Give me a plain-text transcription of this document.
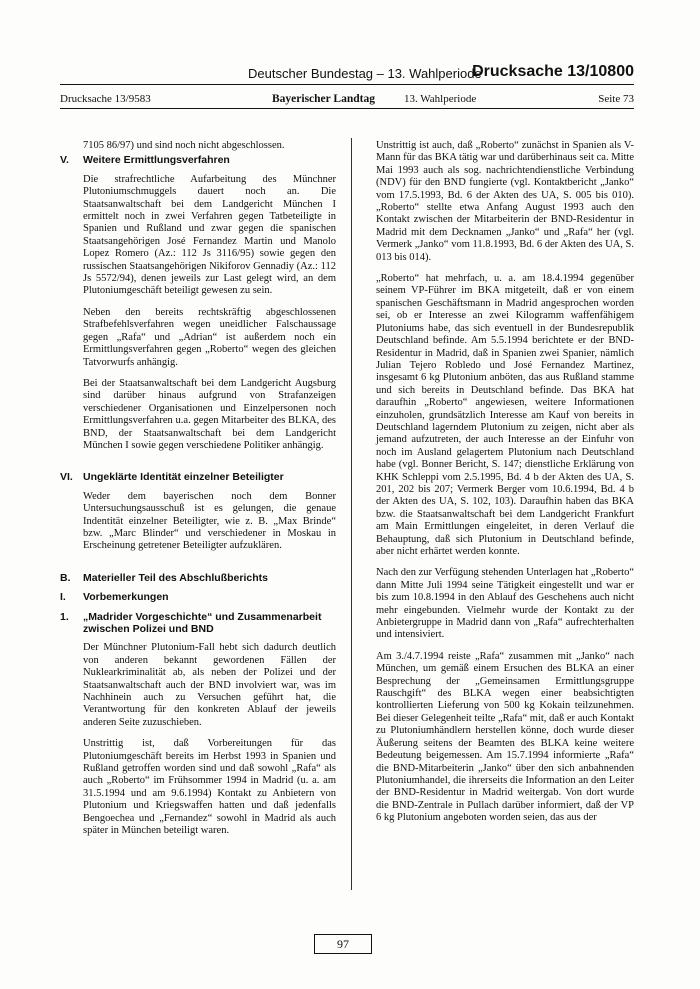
Deutscher Bundestag – 13. Wahlperiode
Drucksache 13/10800
Drucksache 13/9583	Bayerischer Landtag	13. Wahlperiode	Seite 73

7105 86/97) und sind noch nicht abgeschlossen.

V.	Weitere Ermittlungsverfahren

Die strafrechtliche Aufarbeitung des Münchner Plutoniumschmuggels dauert noch an. Die Staatsanwaltschaft bei dem Landgericht München I ermittelt noch in zwei Verfahren gegen Tatbeteiligte in Spanien und Rußland und zwar gegen die spanischen Staatsangehörigen José Fernandez Martin und Manolo Lopez Romero (Az.: 112 Js 3116/95) sowie gegen den russischen Staatsangehörigen Nikiforov Gennadiy (Az.: 112 Js 5572/94), denen jeweils zur Last gelegt wird, an dem Plutoniumgeschäft beteiligt gewesen zu sein.

Neben den bereits rechtskräftig abgeschlossenen Strafbefehlsverfahren wegen uneidlicher Falschaussage gegen „Rafa“ und „Adrian“ ist außerdem noch ein Ermittlungsverfahren gegen „Roberto“ wegen des gleichen Tatvorwurfs anhängig.

Bei der Staatsanwaltschaft bei dem Landgericht Augsburg sind darüber hinaus aufgrund von Strafanzeigen verschiedener Organisationen und Einzelpersonen noch Ermittlungsverfahren u.a. gegen Mitarbeiter des BLKA, des BND, der Staatsanwaltschaft bei dem Landgericht München I sowie gegen verschiedene Politiker anhängig.

VI. Ungeklärte Identität einzelner Beteiligter

Weder dem bayerischen noch dem Bonner Untersuchungsausschuß ist es gelungen, die genaue Indentität einzelner Beteiligter, wie z. B. „Max Brinde“ bzw. „Marc Blinder“ und verschiedener in Moskau in Erscheinung getretener Beteiligter aufzuklären.

B.	Materieller Teil des Abschlußberichts
I.	Vorbemerkungen
1.	„Madrider Vorgeschichte“ und Zusammenarbeit zwischen Polizei und BND

Der Münchner Plutonium-Fall hebt sich dadurch deutlich von anderen bekannt gewordenen Fällen der Nuklearkriminalität ab, als neben der Polizei und der Staatsanwaltschaft auch der BND involviert war, was im Nachhinein auch zu Versuchen geführt hat, die Verantwortung für den konkreten Ablauf der jeweils anderen Seite zuzuschieben.

Unstrittig ist, daß Vorbereitungen für das Plutoniumgeschäft bereits im Herbst 1993 in Spanien und Rußland getroffen worden sind und daß sowohl „Rafa“ als auch „Roberto“ im Frühsommer 1994 in Madrid (u. a. am 31.5.1994 und am 9.6.1994) Kontakt zu Anbietern von Plutonium und Kriegswaffen hatten und daß jedenfalls Bengoechea und „Fernandez“ sowohl in Madrid als auch später in München beteiligt waren.

Unstrittig ist auch, daß „Roberto“ zunächst in Spanien als V-Mann für das BKA tätig war und darüberhinaus seit ca. Mitte Mai 1993 auch als sog. nachrichtendienstliche Verbindung (NDV) für den BND fungierte (vgl. Kontaktbericht „Janko“ vom 17.5.1993, Bd. 6 der Akten des UA, S. 005 bis 010). „Roberto“ stellte etwa Anfang August 1993 auch den Kontakt zwischen der Mitarbeiterin der BND-Residentur in Madrid mit dem Decknamen „Janko“ und „Rafa“ her (vgl. Vermerk „Janko“ vom 11.8.1993, Bd. 6 der Akten des UA, S. 013 bis 014).

„Roberto“ hat mehrfach, u. a. am 18.4.1994 gegenüber seinem VP-Führer im BKA mitgeteilt, daß er von einem spanischen Geschäftsmann in Madrid angesprochen worden sei, ob er Interesse an zwei Kilogramm waffenfähigem Plutoniums habe, das sich eventuell in der Bundesrepublik Deutschland befinde. Am 5.5.1994 berichtete er der BND-Residentur in Madrid, daß in Spanien zwei Spanier, nämlich Julian Tejero Robledo und José Fernandez Martinez, insgesamt 6 kg Plutonium anböten, das aus Rußland stamme und sich bereits in Deutschland befinde. Das BKA hat daraufhin „Roberto“ angewiesen, weitere Informationen einzuholen, grundsätzlich Interesse am Kauf von bereits in Deutschland lagerndem Plutonium zu zeigen, nicht aber als jemand aufzutreten, der auch Interesse an der Einfuhr von noch im Ausland gelagertem Plutonium nach Deutschland habe (vgl. Bonner Bericht, S. 147; dienstliche Erklärung von KHK Schleppi vom 2.5.1995, Bd. 4 b der Akten des UA, S. 201, 202 bis 207; Vermerk Berger vom 10.6.1994, Bd. 4 b der Akten des UA, S. 102, 103). Daraufhin haben das BKA bzw. die Staatsanwaltschaft bei dem Landgericht Frankfurt am Main Ermittlungen eingeleitet, in deren Verlauf die Behauptung, daß sich Plutonium in Deutschland befinde, aber nicht erhärtet werden konnte.

Nach den zur Verfügung stehenden Unterlagen hat „Roberto“ dann Mitte Juli 1994 seine Tätigkeit eingestellt und war er bis zum 10.8.1994 in den Ablauf des Geschehens auch nicht mehr eingebunden. Vielmehr wurde der Kontakt zu der Anbietergruppe in Madrid dann von „Rafa“ aufrechterhalten und intensiviert.

Am 3./4.7.1994 reiste „Rafa“ zusammen mit „Janko“ nach München, um gemäß einem Ersuchen des BLKA an einer Besprechung der „Gemeinsamen Ermittlungsgruppe Rauschgift“ des BLKA wegen einer beabsichtigten kontrollierten Lieferung von 500 kg Kokain teilzunehmen. Bei dieser Gelegenheit teilte „Rafa“ mit, daß er auch Kontakt zu Plutoniumhändlern herstellen könne, doch wurde dieser Äußerung seitens der Beamten des BLKA keine weitere Bedeutung beigemessen. Am 15.7.1994 informierte „Rafa“ die BND-Mitarbeiterin „Janko“ über den sich anbahnenden Plutoniumhandel, die ihrerseits die Information an den Leiter der BND-Residentur in Madrid weitergab. Von dort wurde die BND-Zentrale in Pullach darüber informiert, daß der VP 6 kg Plutonium angeboten worden seien, das aus der

97
